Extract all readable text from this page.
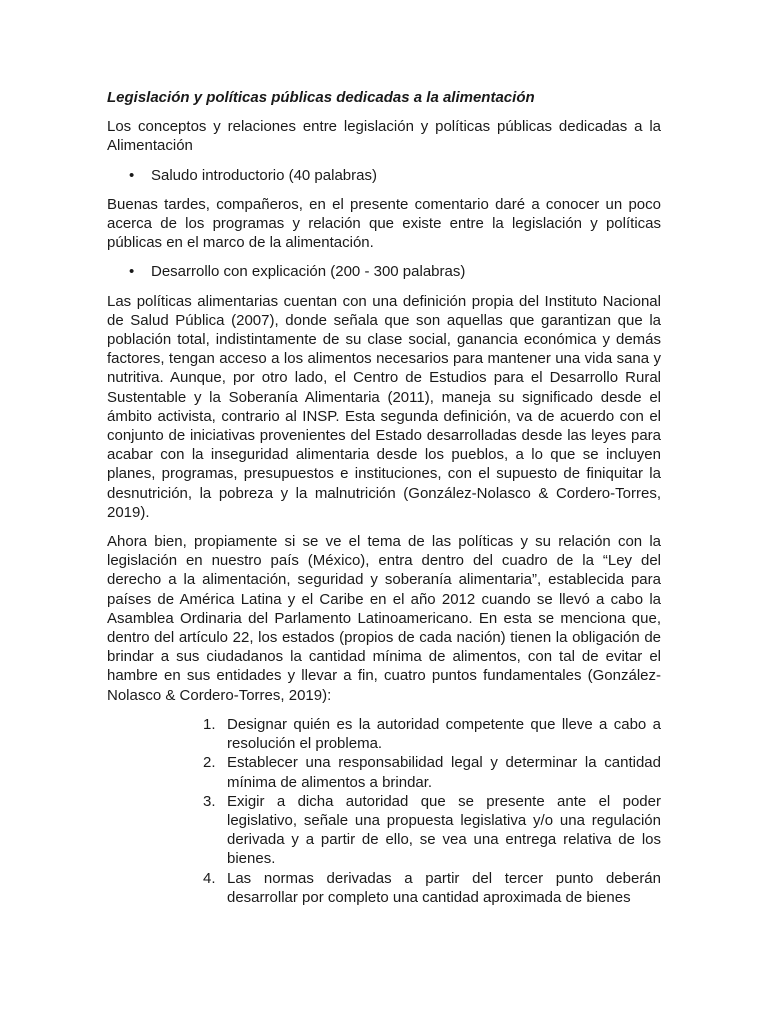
Legislación y políticas públicas dedicadas a la alimentación

Los conceptos y relaciones entre legislación y políticas públicas dedicadas a la Alimentación

• Saludo introductorio (40 palabras)

Buenas tardes, compañeros, en el presente comentario daré a conocer un poco acerca de los programas y relación que existe entre la legislación y políticas públicas en el marco de la alimentación.

• Desarrollo con explicación (200 - 300 palabras)

Las políticas alimentarias cuentan con una definición propia del Instituto Nacional de Salud Pública (2007), donde señala que son aquellas que garantizan que la población total, indistintamente de su clase social, ganancia económica y demás factores, tengan acceso a los alimentos necesarios para mantener una vida sana y nutritiva. Aunque, por otro lado, el Centro de Estudios para el Desarrollo Rural Sustentable y la Soberanía Alimentaria (2011), maneja su significado desde el ámbito activista, contrario al INSP. Esta segunda definición, va de acuerdo con el conjunto de iniciativas provenientes del Estado desarrolladas desde las leyes para acabar con la inseguridad alimentaria desde los pueblos, a lo que se incluyen planes, programas, presupuestos e instituciones, con el supuesto de finiquitar la desnutrición, la pobreza y la malnutrición (González-Nolasco & Cordero-Torres, 2019).

Ahora bien, propiamente si se ve el tema de las políticas y su relación con la legislación en nuestro país (México), entra dentro del cuadro de la “Ley del derecho a la alimentación, seguridad y soberanía alimentaria”, establecida para países de América Latina y el Caribe en el año 2012 cuando se llevó a cabo la Asamblea Ordinaria del Parlamento Latinoamericano. En esta se menciona que, dentro del artículo 22, los estados (propios de cada nación) tienen la obligación de brindar a sus ciudadanos la cantidad mínima de alimentos, con tal de evitar el hambre en sus entidades y llevar a fin, cuatro puntos fundamentales (González-Nolasco & Cordero-Torres, 2019):

1. Designar quién es la autoridad competente que lleve a cabo a resolución el problema.
2. Establecer una responsabilidad legal y determinar la cantidad mínima de alimentos a brindar.
3. Exigir a dicha autoridad que se presente ante el poder legislativo, señale una propuesta legislativa y/o una regulación derivada y a partir de ello, se vea una entrega relativa de los bienes.
4. Las normas derivadas a partir del tercer punto deberán desarrollar por completo una cantidad aproximada de bienes
